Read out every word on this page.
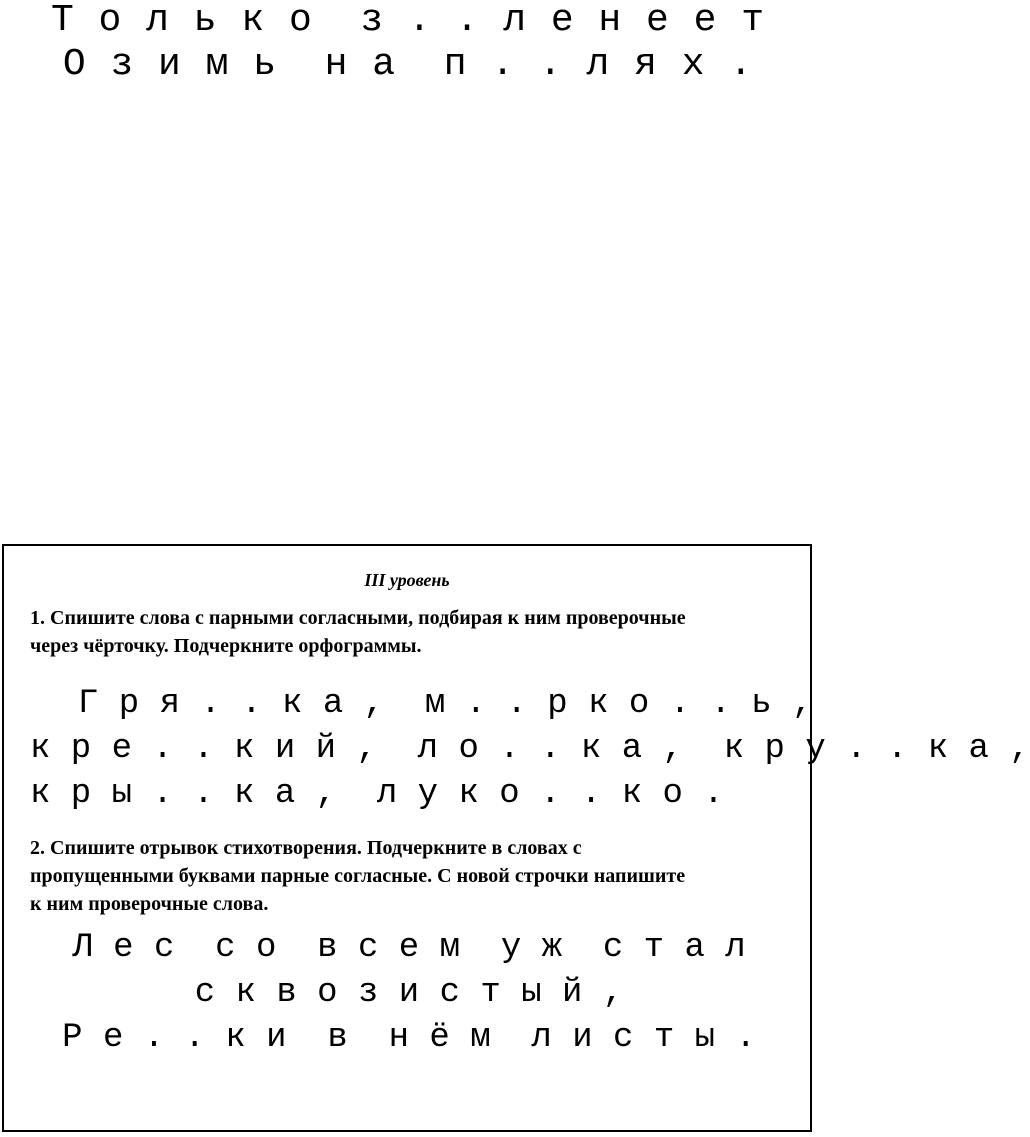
Т о л ь к о  з . . л е н е е т
О з и м ь  н а  п . . л я х .
III уровень
1. Спишите слова с парными согласными, подбирая к ним проверочные через чёрточку. Подчеркните орфограммы.
Г р я . . к а ,  м . . р к о . . ь ,
к р е . . к и й ,  л о . . к а ,  к р у . . к а ,
к р ы . . к а ,  л у к о . . к о .
2. Спишите отрывок стихотворения. Подчеркните в словах с пропущенными буквами парные согласные. С новой строчки напишите к ним проверочные слова.
Л е с  с о  в с е м  у ж  с т а л
с к в о з и с т ы й ,
Р е . . к и  в  н ё м  л и с т ы .
